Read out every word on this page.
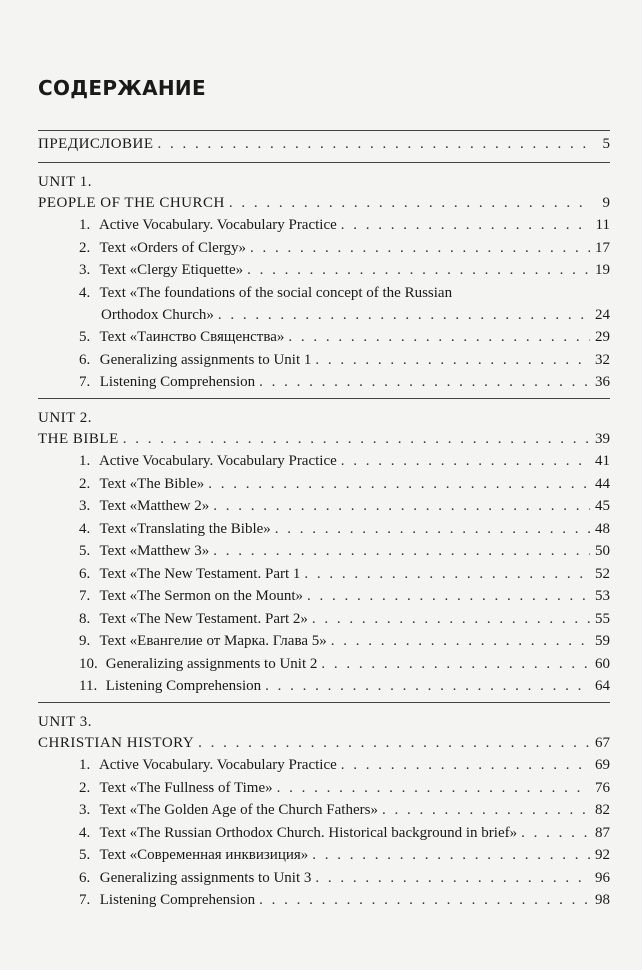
СОДЕРЖАНИЕ
ПРЕДИСЛОВИЕ . . .	5
UNIT 1.
PEOPLE OF THE CHURCH . . .	9
1. Active Vocabulary. Vocabulary Practice . . .	11
2. Text «Orders of Clergy» . . .	17
3. Text «Clergy Etiquette» . . .	19
4. Text «The foundations of the social concept of the Russian
Orthodox Church» . . .	24
5. Text «Таинство Священства» . . .	29
6. Generalizing assignments to Unit 1 . . .	32
7. Listening Comprehension . . .	36
UNIT 2.
THE BIBLE . . .	39
1. Active Vocabulary. Vocabulary Practice . . .	41
2. Text «The Bible» . . .	44
3. Text «Matthew 2» . . .	45
4. Text «Translating the Bible» . . .	48
5. Text «Matthew 3» . . .	50
6. Text «The New Testament. Part 1 . . .	52
7. Text «The Sermon on the Mount» . . .	53
8. Text «The New Testament. Part 2» . . .	55
9. Text «Евангелие от Марка. Глава 5» . . .	59
10. Generalizing assignments to Unit 2 . . .	60
11. Listening Comprehension . . .	64
UNIT 3.
CHRISTIAN HISTORY . . .	67
1. Active Vocabulary. Vocabulary Practice . . .	69
2. Text «The Fullness of Time» . . .	76
3. Text «The Golden Age of the Church Fathers» . . .	82
4. Text «The Russian Orthodox Church. Historical background in brief» . . .	87
5. Text «Современная инквизиция» . . .	92
6. Generalizing assignments to Unit 3 . . .	96
7. Listening Comprehension . . .	98
